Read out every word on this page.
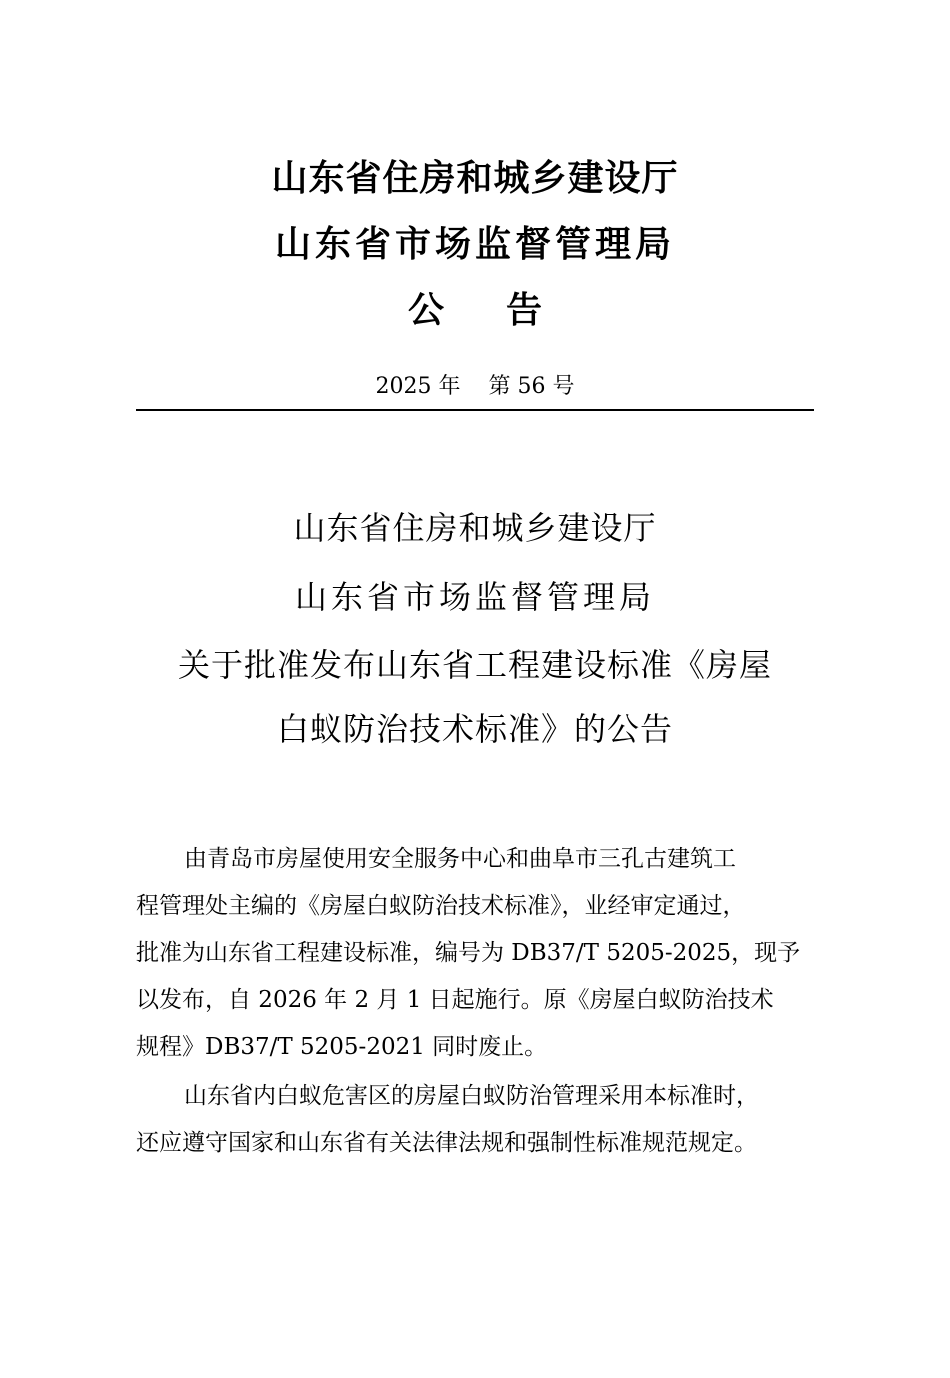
山东省住房和城乡建设厅
山东省市场监督管理局
公 告
2025 年 第 56 号
山东省住房和城乡建设厅
山东省市场监督管理局
关于批准发布山东省工程建设标准《房屋
白蚁防治技术标准》的公告
由青岛市房屋使用安全服务中心和曲阜市三孔古建筑工
程管理处主编的《房屋白蚁防治技术标准》，业经审定通过，
批准为山东省工程建设标准，编号为 DB37/T 5205-2025，现予
以发布，自 2026 年 2 月 1 日起施行。原《房屋白蚁防治技术
规程》DB37/T 5205-2021 同时废止。
山东省内白蚁危害区的房屋白蚁防治管理采用本标准时，
还应遵守国家和山东省有关法律法规和强制性标准规范规定。
